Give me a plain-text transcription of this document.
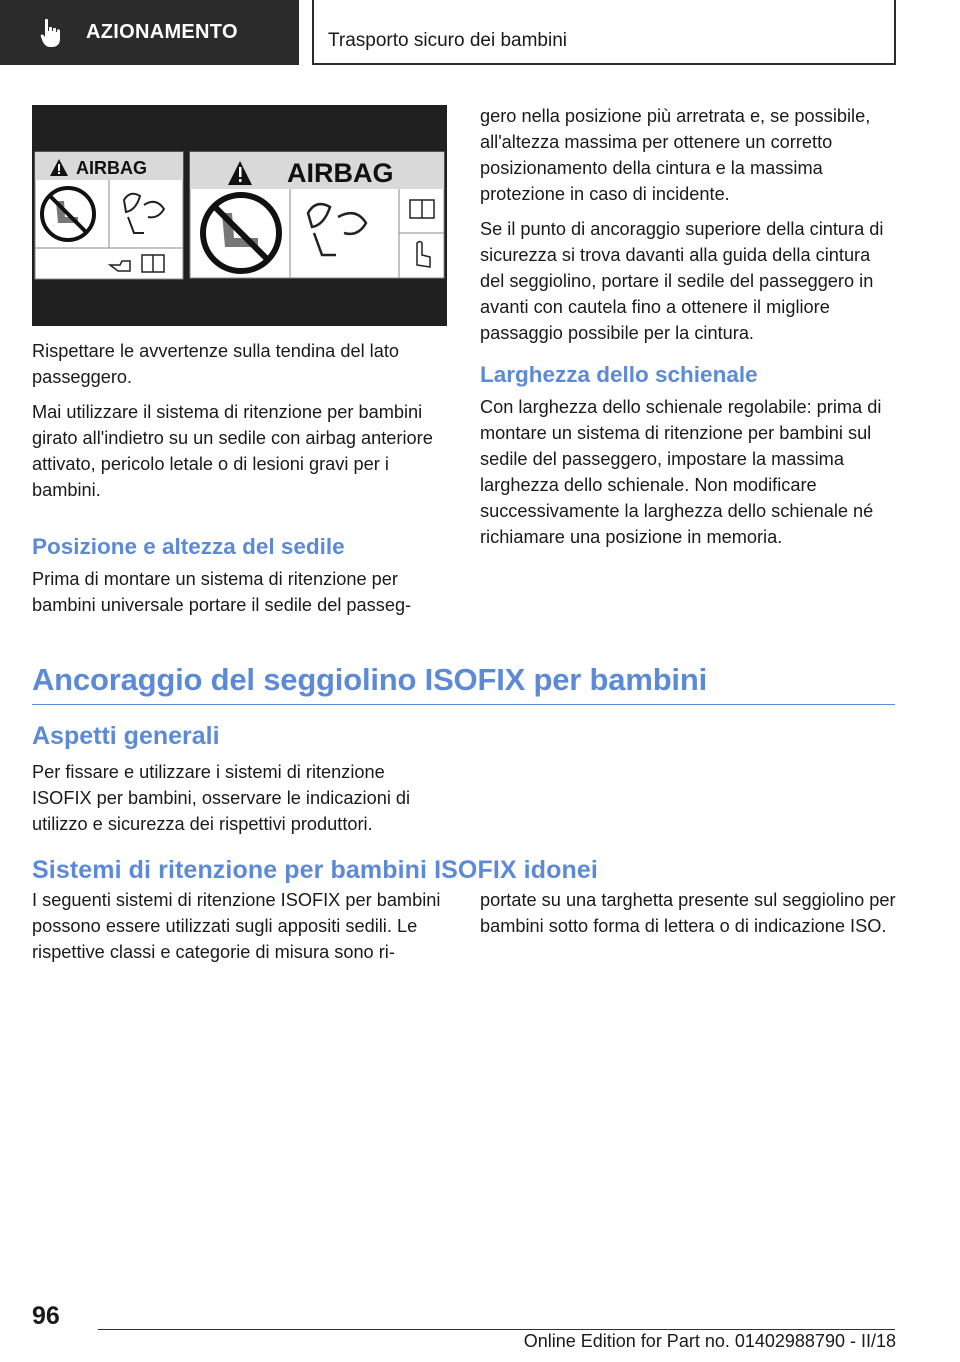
AZIONAMENTO	Trasporto sicuro dei bambini
AIRBAG	AIRBAG

Rispettare le avvertenze sulla tendina del lato passeggero.

Mai utilizzare il sistema di ritenzione per bambini girato all'indietro su un sedile con airbag anteriore attivato, pericolo letale o di lesioni gravi per i bambini.

Posizione e altezza del sedile

Prima di montare un sistema di ritenzione per bambini universale portare il sedile del passeg-

gero nella posizione più arretrata e, se possibile, all'altezza massima per ottenere un corretto posizionamento della cintura e la massima protezione in caso di incidente.

Se il punto di ancoraggio superiore della cintura di sicurezza si trova davanti alla guida della cintura del seggiolino, portare il sedile del passeggero in avanti con cautela fino a ottenere il migliore passaggio possibile per la cintura.

Larghezza dello schienale

Con larghezza dello schienale regolabile: prima di montare un sistema di ritenzione per bambini sul sedile del passeggero, impostare la massima larghezza dello schienale. Non modificare successivamente la larghezza dello schienale né richiamare una posizione in memoria.

Ancoraggio del seggiolino ISOFIX per bambini
Aspetti generali

Per fissare e utilizzare i sistemi di ritenzione ISOFIX per bambini, osservare le indicazioni di utilizzo e sicurezza dei rispettivi produttori.

Sistemi di ritenzione per bambini ISOFIX idonei

I seguenti sistemi di ritenzione ISOFIX per bambini possono essere utilizzati sugli appositi sedili. Le rispettive classi e categorie di misura sono ri-

portate su una targhetta presente sul seggiolino per bambini sotto forma di lettera o di indicazione ISO.

96
Online Edition for Part no. 01402988790 - II/18
